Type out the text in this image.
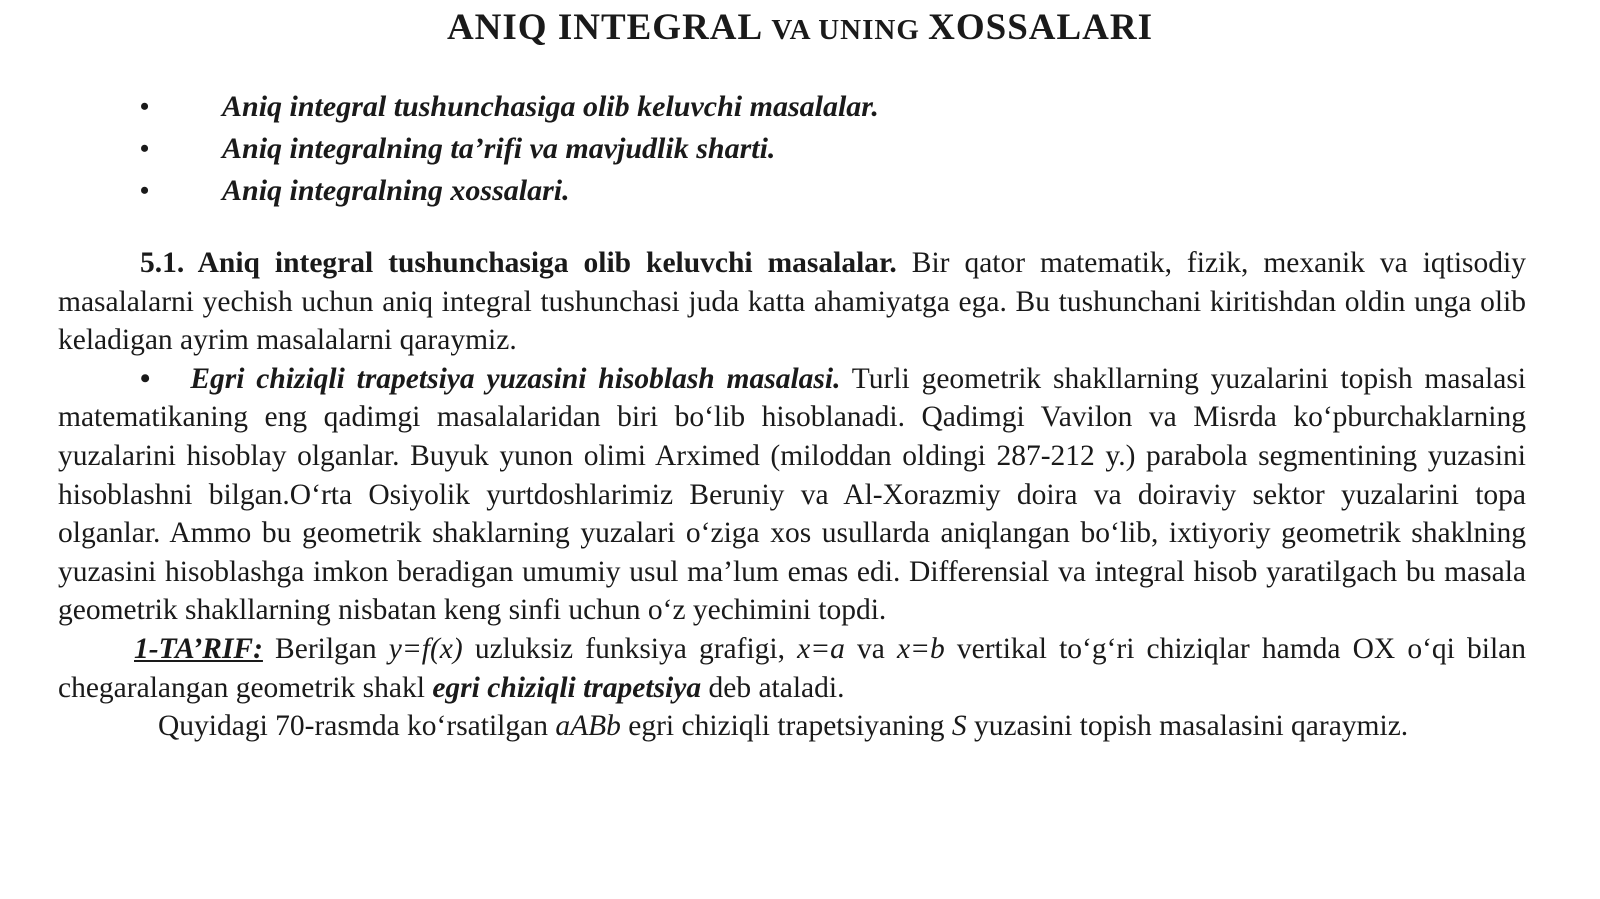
ANIQ INTEGRAL VA UNING XOSSALARI
• Aniq integral tushunchasiga olib keluvchi masalalar.
• Aniq integralning ta’rifi va mavjudlik sharti.
• Aniq integralning xossalari.

5.1. Aniq integral tushunchasiga olib keluvchi masalalar. Bir qator matematik, fizik, mexanik va iqtisodiy masalalarni yechish uchun aniq integral tushunchasi juda katta ahamiyatga ega. Bu tushunchani kiritishdan oldin unga olib keladigan ayrim masalalarni qaraymiz.

• Egri chiziqli trapetsiya yuzasini hisoblash masalasi. Turli geometrik shakllarning yuzalarini topish masalasi matematikaning eng qadimgi masalalaridan biri bo‘lib hisoblanadi. Qadimgi Vavilon va Misrda ko‘pburchaklarning yuzalarini hisoblay olganlar. Buyuk yunon olimi Arximed (miloddan oldingi 287-212 y.) parabola segmentining yuzasini hisoblashni bilgan.O‘rta Osiyolik yurtdoshlarimiz Beruniy va Al-Xorazmiy doira va doiraviy sektor yuzalarini topa olganlar. Ammo bu geometrik shaklarning yuzalari o‘ziga xos usullarda aniqlangan bo‘lib, ixtiyoriy geometrik shaklning yuzasini hisoblashga imkon beradigan umumiy usul ma’lum emas edi. Differensial va integral hisob yaratilgach bu masala geometrik shakllarning nisbatan keng sinfi uchun o‘z yechimini topdi.

1-TA’RIF: Berilgan y=f(x) uzluksiz funksiya grafigi, x=a va x=b vertikal to‘g‘ri chiziqlar hamda OX o‘qi bilan chegaralangan geometrik shakl egri chiziqli trapetsiya deb ataladi.

Quyidagi 70-rasmda ko‘rsatilgan aABb egri chiziqli trapetsiyaning S yuzasini topish masalasini qaraymiz.
